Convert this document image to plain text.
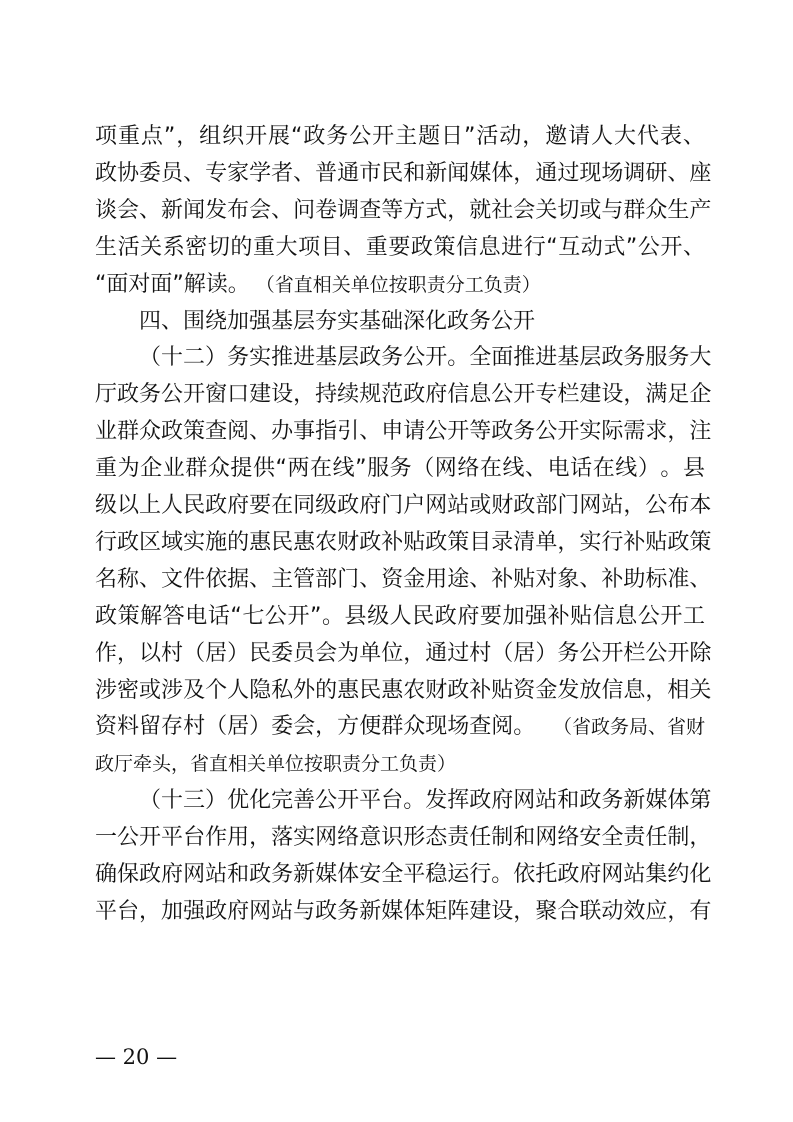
项 重 点 ” ， 组 织 开 展 “ 政 务 公 开 主 题 日 ” 活 动 ， 邀 请 人 大 代 表 、
政 协 委 员 、 专 家 学 者 、 普 通 市 民 和 新 闻 媒 体 ， 通 过 现 场 调 研 、 座
谈 会 、 新 闻 发 布 会 、 问 卷 调 查 等 方 式 ， 就 社 会 关 切 或 与 群 众 生 产
生 活 关 系 密 切 的 重 大 项 目 、 重 要 政 策 信 息 进 行 “ 互 动 式 ” 公 开 、
“面对面”解读。 （省直相关单位按职责分工负责）
四、围绕加强基层夯实基础深化政务公开
（ 十 二 ） 务 实 推 进 基 层 政 务 公 开 。 全 面 推 进 基 层 政 务 服 务 大
厅 政 务 公 开 窗 口 建 设 ， 持 续 规 范 政 府 信 息 公 开 专 栏 建 设 ， 满 足 企
业 群 众 政 策 查 阅 、 办 事 指 引 、 申 请 公 开 等 政 务 公 开 实 际 需 求 ， 注
重 为 企 业 群 众 提 供 “ 两 在 线 ” 服 务 （ 网 络 在 线 、 电 话 在 线 ） 。 县
级 以 上 人 民 政 府 要 在 同 级 政 府 门 户 网 站 或 财 政 部 门 网 站 ， 公 布 本
行 政 区 域 实 施 的 惠 民 惠 农 财 政 补 贴 政 策 目 录 清 单 ， 实 行 补 贴 政 策
名 称 、 文 件 依 据 、 主 管 部 门 、 资 金 用 途 、 补 贴 对 象 、 补 助 标 准 、
政 策 解 答 电 话 “ 七 公 开 ” 。 县 级 人 民 政 府 要 加 强 补 贴 信 息 公 开 工
作 ， 以 村 （ 居 ） 民 委 员 会 为 单 位 ， 通 过 村 （ 居 ） 务 公 开 栏 公 开 除
涉 密 或 涉 及 个 人 隐 私 外 的 惠 民 惠 农 财 政 补 贴 资 金 发 放 信 息 ， 相 关
资 料 留 存 村 （ 居 ） 委 会 ， 方 便 群 众 现 场 查 阅 。 （省政务局、省财
政厅牵头，省直相关单位按职责分工负责）
（ 十 三 ） 优 化 完 善 公 开 平 台 。 发 挥 政 府 网 站 和 政 务 新 媒 体 第
一 公 开 平 台 作 用 ， 落 实 网 络 意 识 形 态 责 任 制 和 网 络 安 全 责 任 制 ，
确 保 政 府 网 站 和 政 务 新 媒 体 安 全 平 稳 运 行 。 依 托 政 府 网 站 集 约 化
平 台 ， 加 强 政 府 网 站 与 政 务 新 媒 体 矩 阵 建 设 ， 聚 合 联 动 效 应 ， 有
— 20 —
